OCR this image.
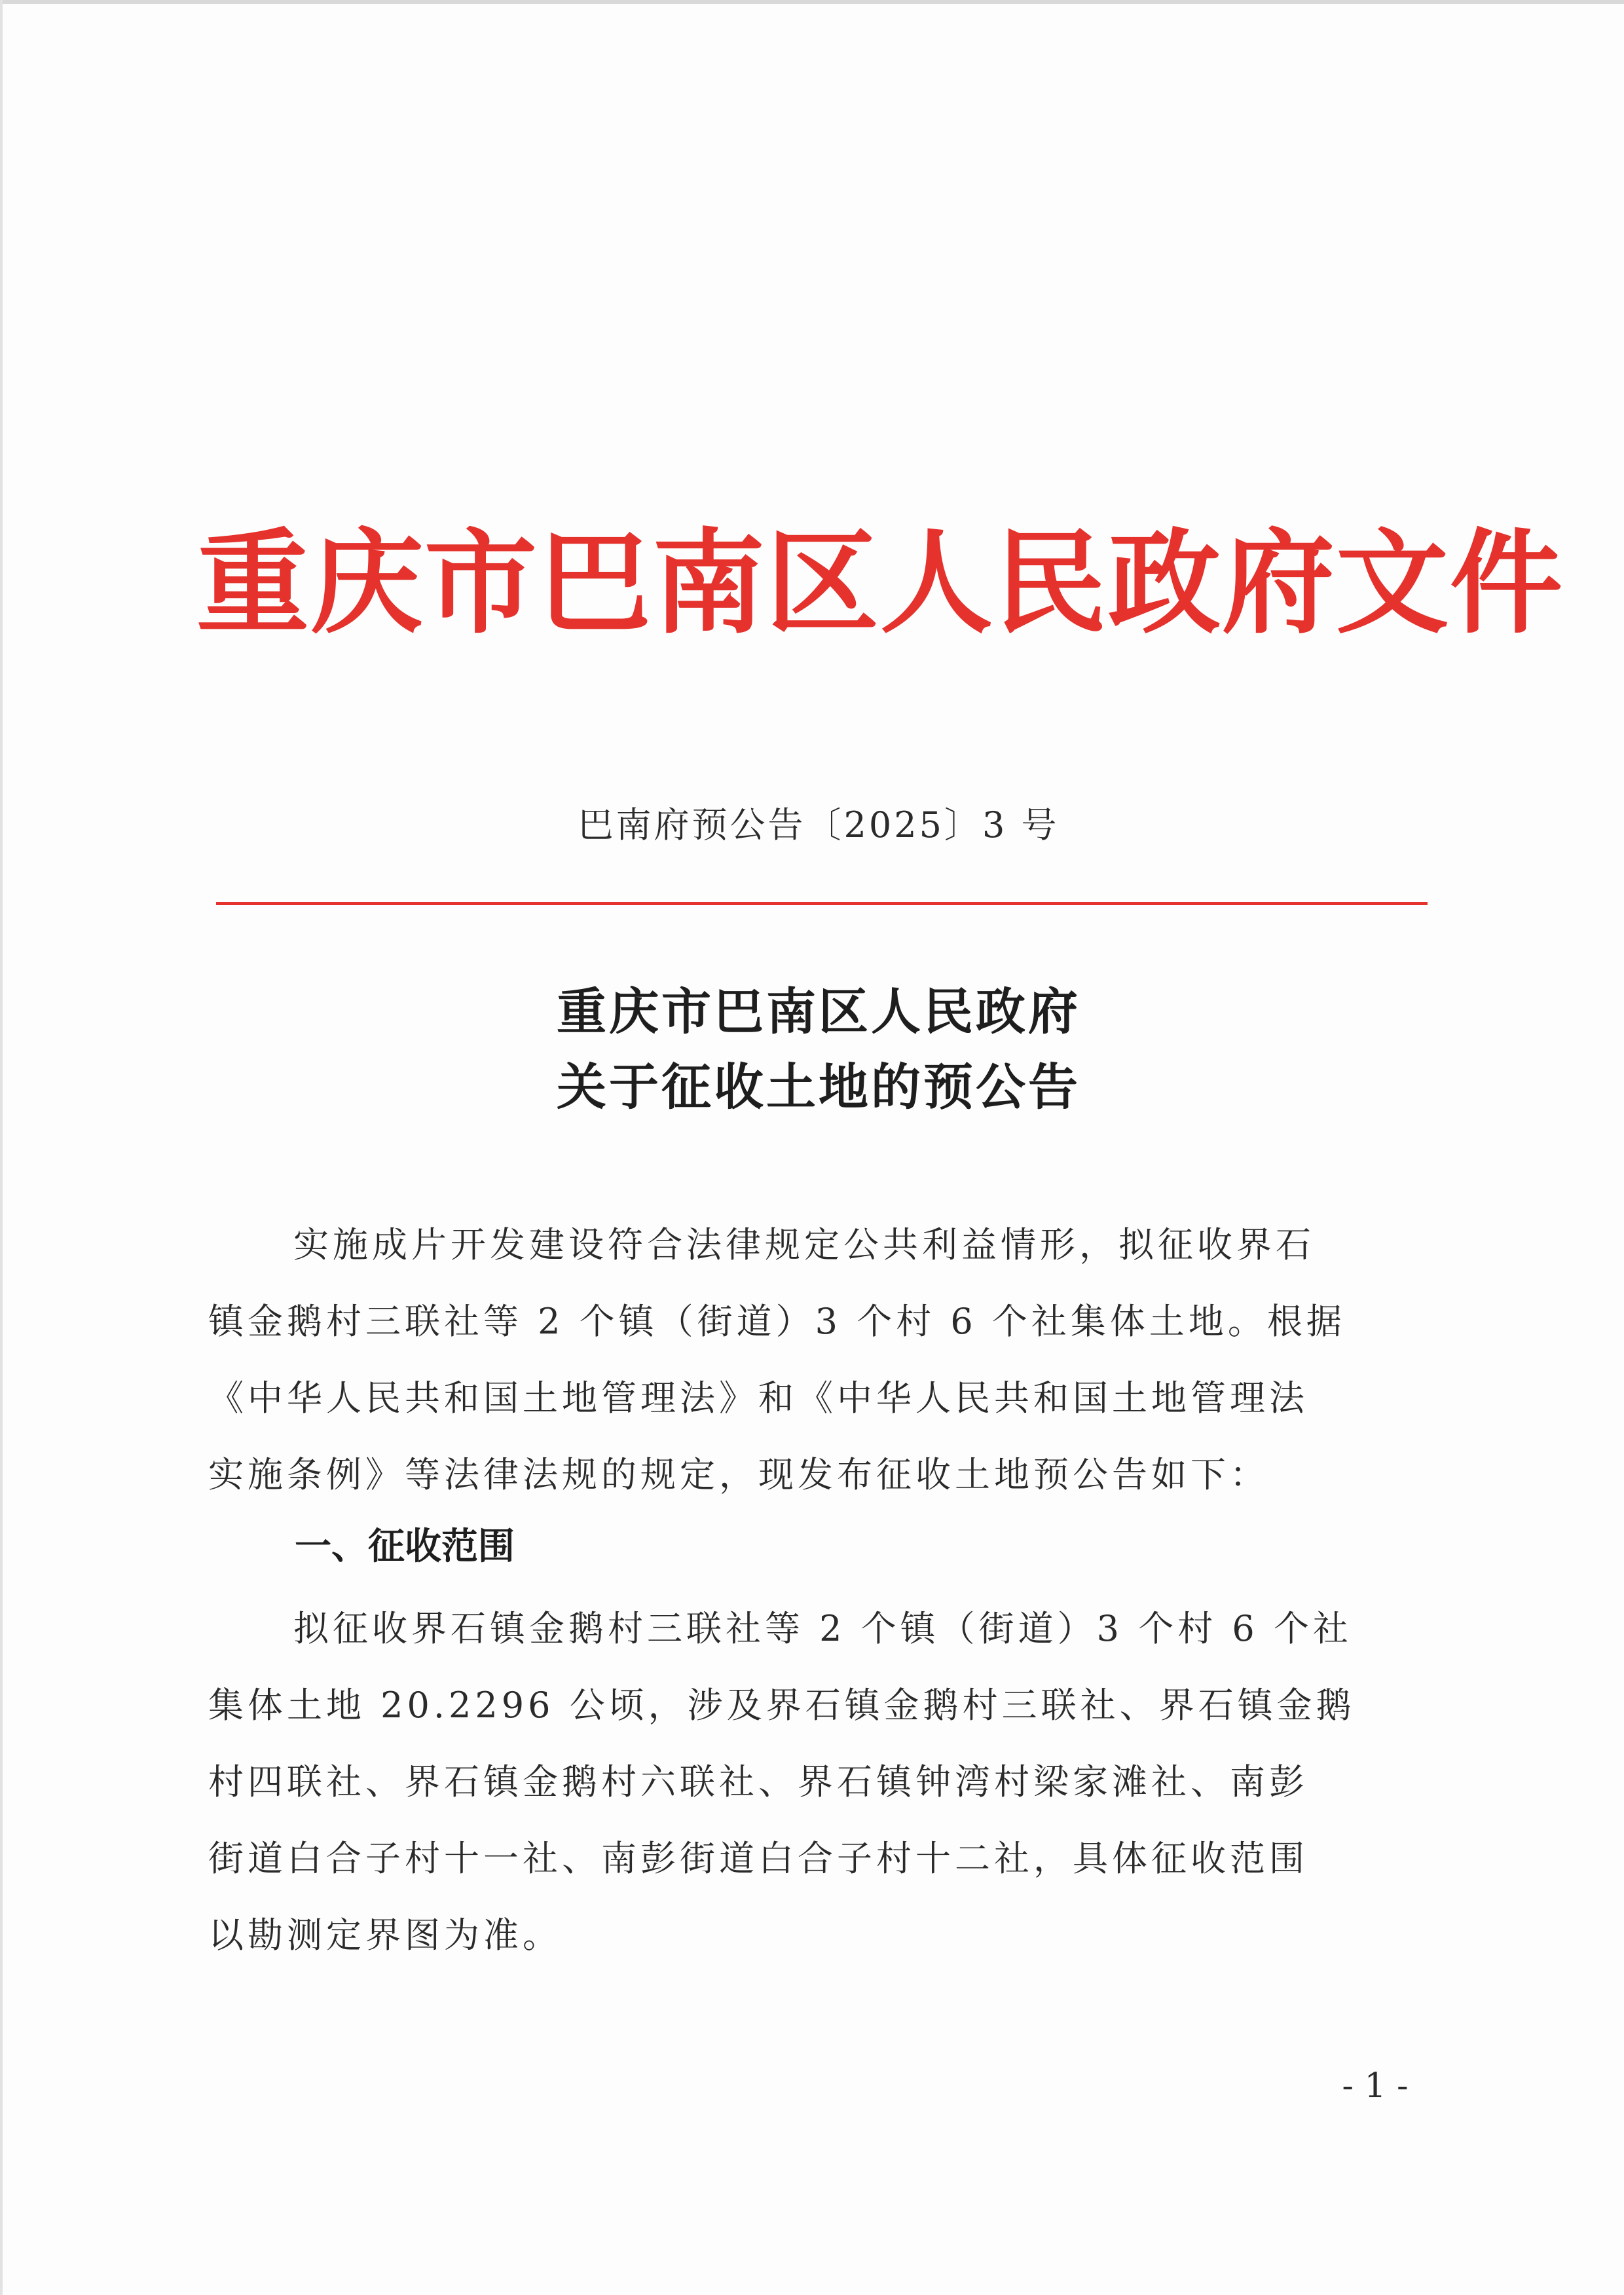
重庆市巴南区人民政府文件
巴南府预公告〔2025〕3 号
重庆市巴南区人民政府
关于征收土地的预公告
实施成片开发建设符合法律规定公共利益情形，拟征收界石
镇金鹅村三联社等 2 个镇（街道）3 个村 6 个社集体土地。根据
《中华人民共和国土地管理法》和《中华人民共和国土地管理法
实施条例》等法律法规的规定，现发布征收土地预公告如下：
一、征收范围
拟征收界石镇金鹅村三联社等 2 个镇（街道）3 个村 6 个社
集体土地 20.2296 公顷，涉及界石镇金鹅村三联社、界石镇金鹅
村四联社、界石镇金鹅村六联社、界石镇钟湾村梁家滩社、南彭
街道白合子村十一社、南彭街道白合子村十二社，具体征收范围
以勘测定界图为准。
- 1 -
